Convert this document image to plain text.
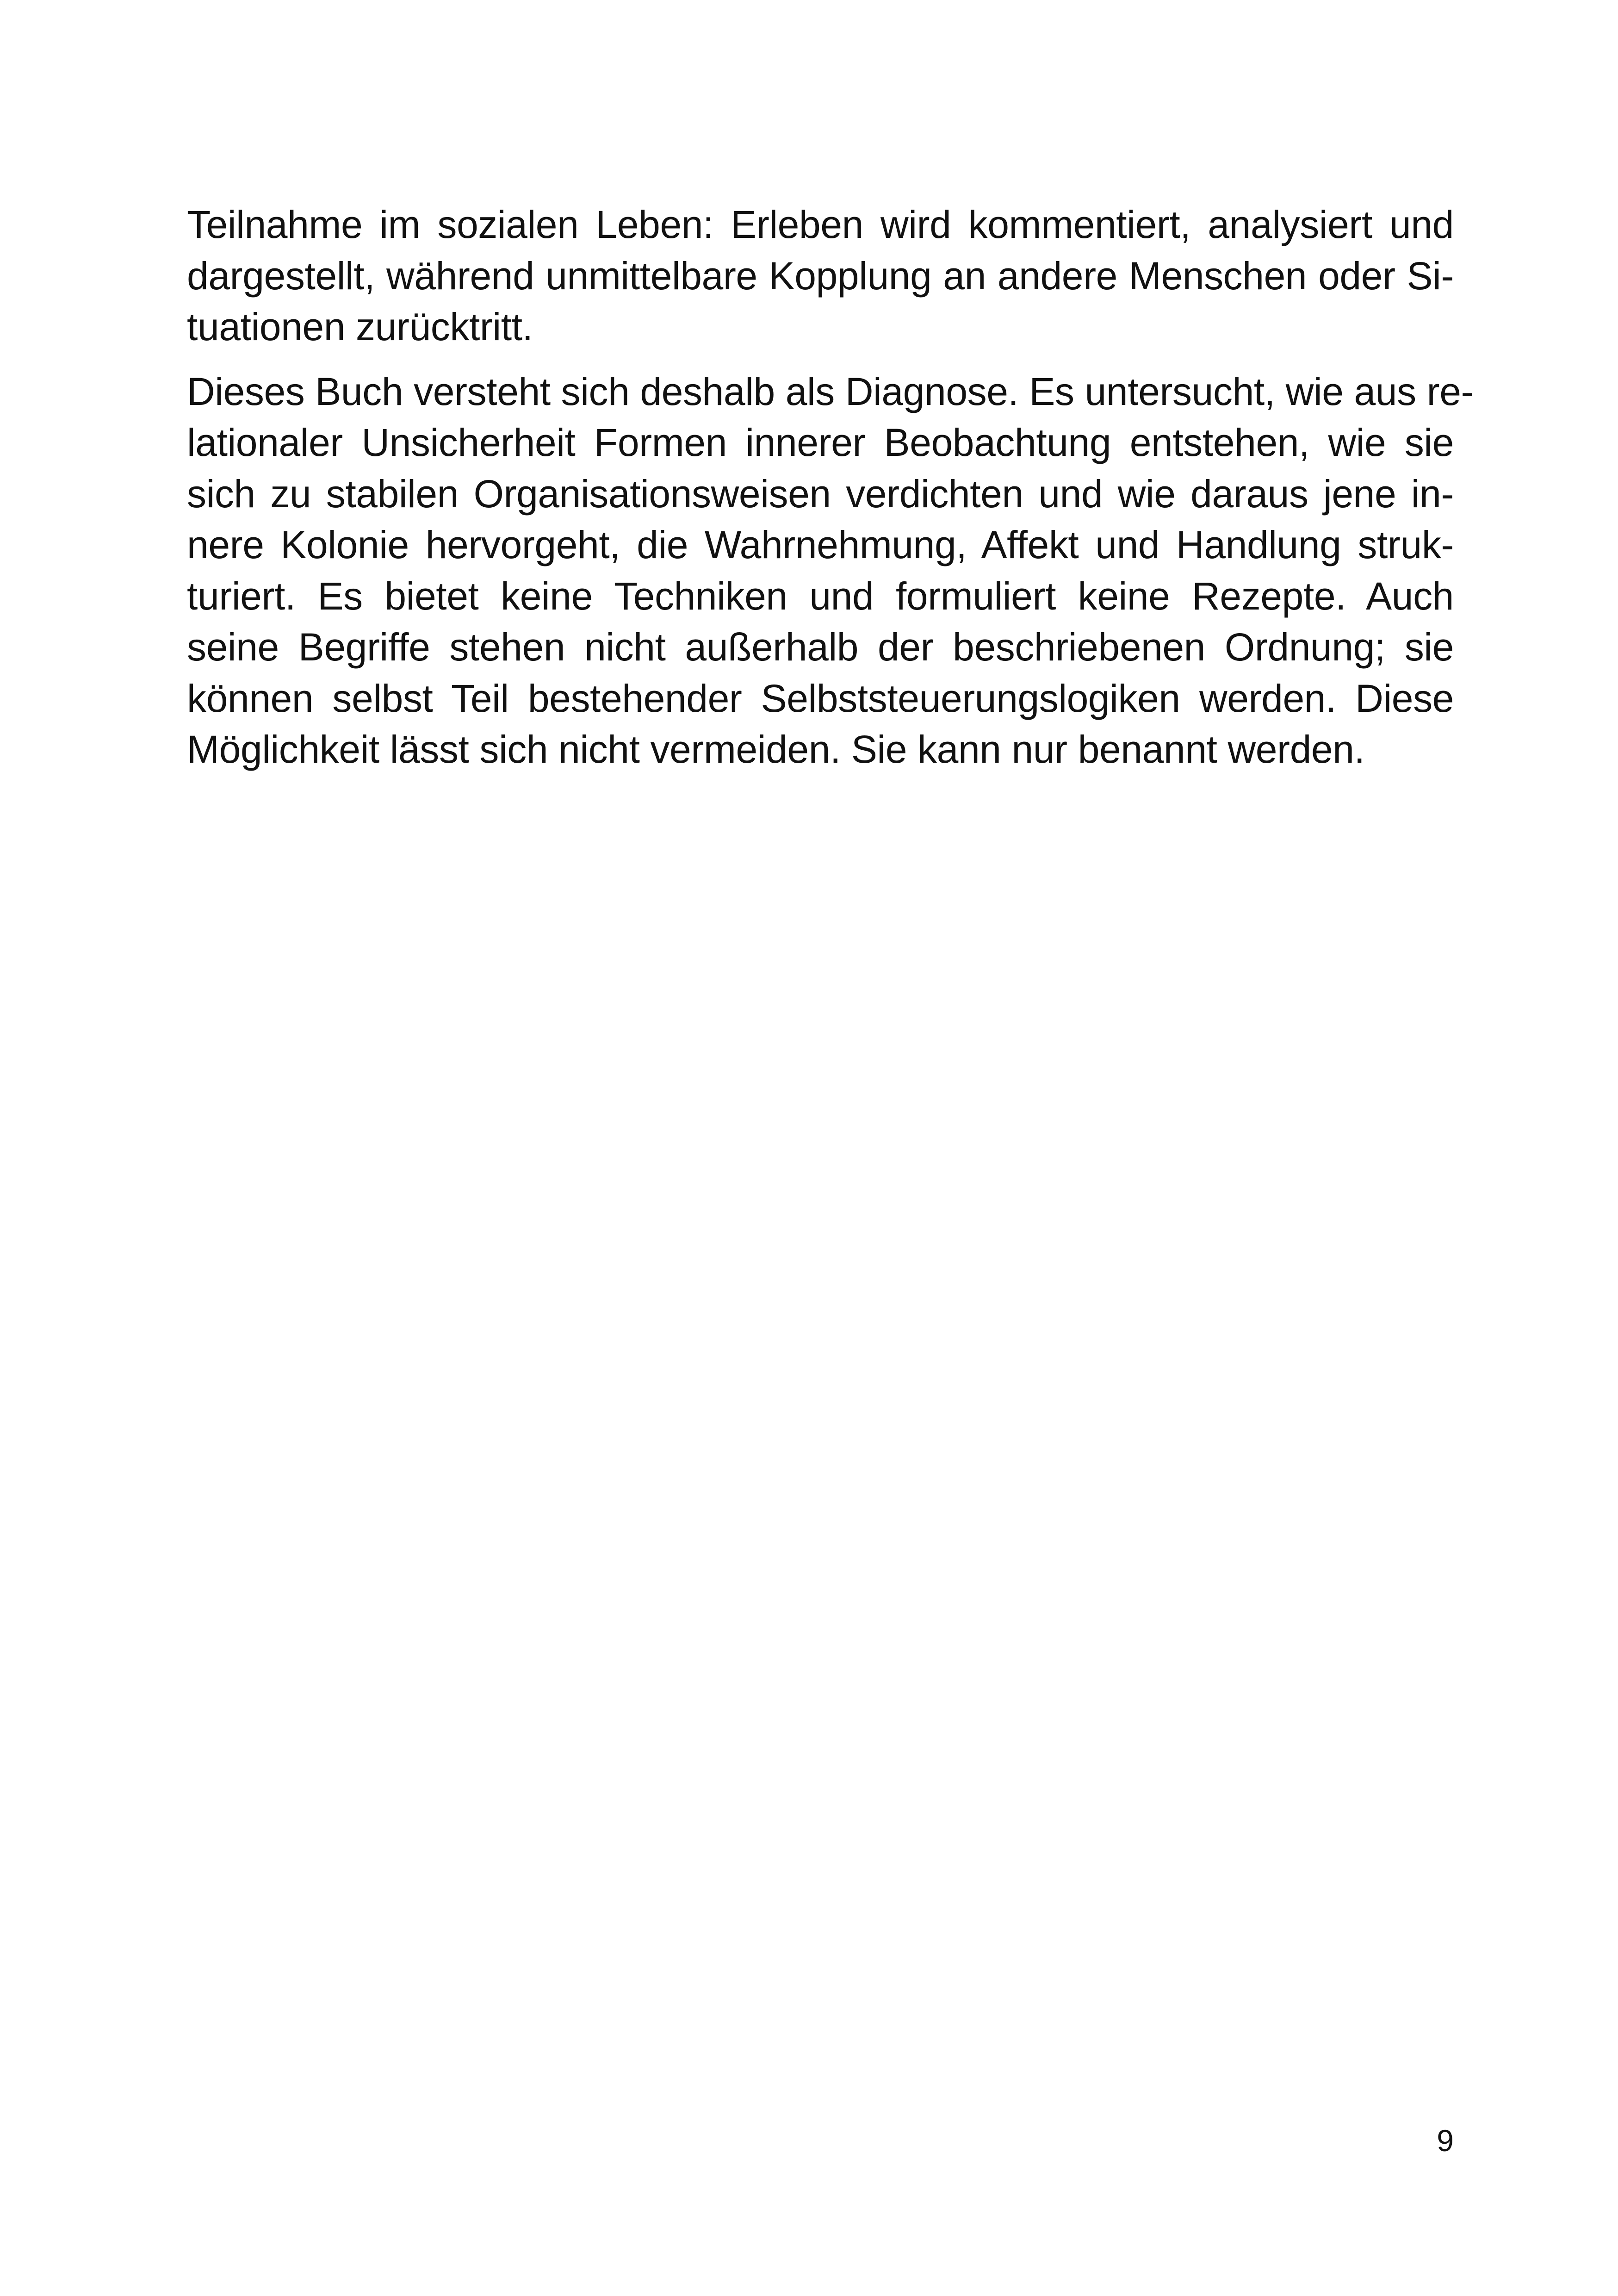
Teilnahme im sozialen Leben: Erleben wird kommentiert, analysiert und
dargestellt, während unmittelbare Kopplung an andere Menschen oder Si-
tuationen zurücktritt.

Dieses Buch versteht sich deshalb als Diagnose. Es untersucht, wie aus re-
lationaler Unsicherheit Formen innerer Beobachtung entstehen, wie sie
sich zu stabilen Organisationsweisen verdichten und wie daraus jene in-
nere Kolonie hervorgeht, die Wahrnehmung, Affekt und Handlung struk-
turiert. Es bietet keine Techniken und formuliert keine Rezepte. Auch
seine Begriffe stehen nicht außerhalb der beschriebenen Ordnung; sie
können selbst Teil bestehender Selbststeuerungslogiken werden. Diese
Möglichkeit lässt sich nicht vermeiden. Sie kann nur benannt werden.

9
